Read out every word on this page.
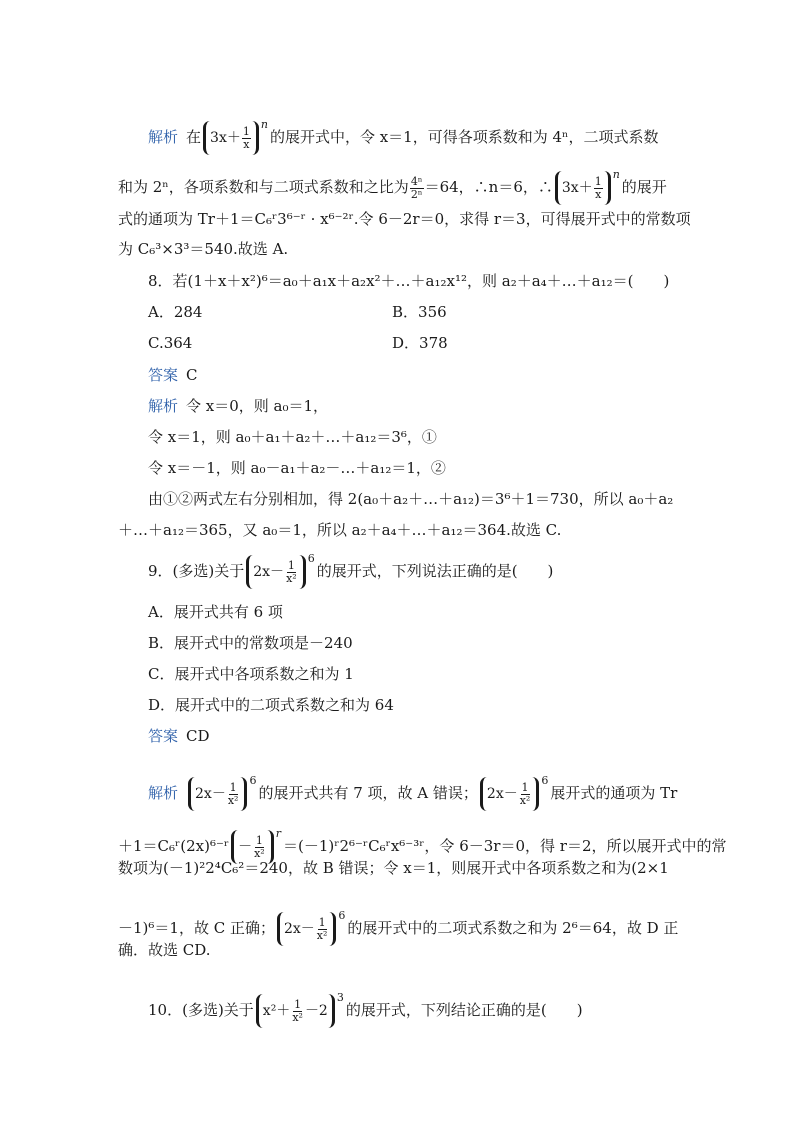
解析 在 $3x+ \frac{1}{x}$
$^n$的展开式中，令 x＝1，可得各项系数和为 4ⁿ，二项式系数
和为 2ⁿ，各项系数和与二项式系数和之比为 $\frac{\text{4ⁿ}}{\text{2ⁿ}} =64$，∴n＝6，∴ $3x+ \frac{1}{x}$
$^n$的展开
式的通项为 Tr＋1＝C₆ʳ3⁶⁻ʳ · x⁶⁻²ʳ.令 6－2r＝0，求得 r＝3，可得展开式中的常数项
为 C₆³×3³＝540.故选 A.
8．若(1＋x＋x²)⁶＝a₀＋a₁x＋a₂x²＋…＋a₁₂x¹²，则 a₂＋a₄＋…＋a₁₂＝(　　)
A．284	B．356
C.364	D．378
答案 C
解析 令 x＝0，则 a₀＝1，
令 x＝1，则 a₀＋a₁＋a₂＋…＋a₁₂＝3⁶，①
令 x＝－1，则 a₀－a₁＋a₂－…＋a₁₂＝1，②
由①②两式左右分别相加，得 2(a₀＋a₂＋…＋a₁₂)＝3⁶＋1＝730，所以 a₀＋a₂
＋…＋a₁₂＝365，又 a₀＝1，所以 a₂＋a₄＋…＋a₁₂＝364.故选 C.
9．(多选)关于 $2x- \frac{1}{\text{x²}}$
$^6$的展开式，下列说法正确的是(　　)
A．展开式共有 6 项
B．展开式中的常数项是－240
C．展开式中各项系数之和为 1
D．展开式中的二项式系数之和为 64
答案 CD
解析 $2x- \frac{1}{\text{x²}}$
$^6$的展开式共有 7 项，故 A 错误； $2x- \frac{1}{\text{x²}}$
$^6$展开式的通项为 Tr
＋1＝C₆ʳ(2x)⁶⁻ʳ － $\frac{1}{\text{x²}}$
$^r$＝(－1)ʳ2⁶⁻ʳC₆ʳx⁶⁻³ʳ，令 6－3r＝0，得 r＝2，所以展开式中的常
数项为(－1)²2⁴C₆²＝240，故 B 错误；令 x＝1，则展开式中各项系数之和为(2×1
－1)⁶＝1，故 C 正确； $2x- \frac{1}{\text{x²}}$
$^6$的展开式中的二项式系数之和为 2⁶＝64，故 D 正
确．故选 CD.
10．(多选)关于 $x^2+ \frac{1}{\text{x²}} -2$
$^3$的展开式，下列结论正确的是(　　)
